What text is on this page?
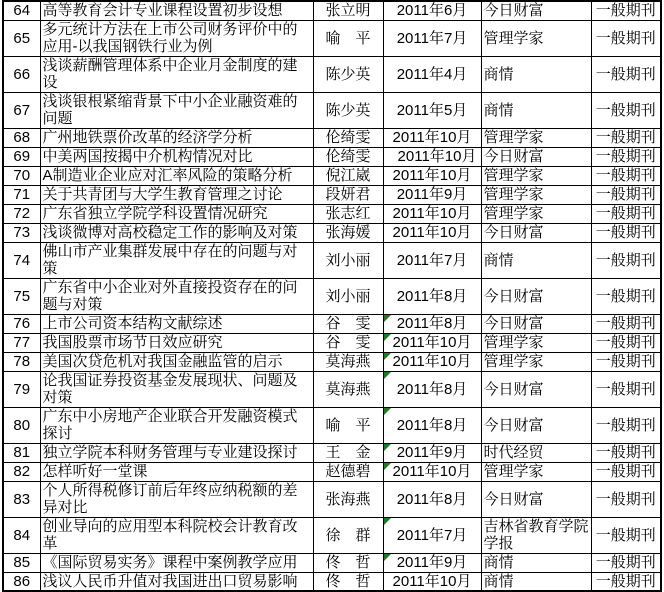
64	高等教育会计专业课程设置初步设想	张立明	2011年6月	今日财富	一般期刊
65	多元统计方法在上市公司财务评价中的应用-以我国钢铁行业为例	喻　平	2011年7月	管理学家	一般期刊
66	浅谈薪酬管理体系中企业月金制度的建设	陈少英	2011年4月	商情	一般期刊
67	浅谈银根紧缩背景下中小企业融资难的问题	陈少英	2011年5月	商情	一般期刊
68	广州地铁票价改革的经济学分析	伦绮雯	2011年10月	管理学家	一般期刊
69	中美两国按揭中介机构情况对比	伦绮雯	2011年10月	今日财富	一般期刊
70	A制造业企业应对汇率风险的策略分析	倪江崴	2011年10月	管理学家	一般期刊
71	关于共青团与大学生教育管理之讨论	段妍君	2011年9月	管理学家	一般期刊
72	广东省独立学院学科设置情况研究	张志红	2011年10月	管理学家	一般期刊
73	浅谈微博对高校稳定工作的影响及对策	张海媛	2011年10月	今日财富	一般期刊
74	佛山市产业集群发展中存在的问题与对策	刘小丽	2011年7月	商情	一般期刊
75	广东省中小企业对外直接投资存在的问题与对策	刘小丽	2011年8月	今日财富	一般期刊
76	上市公司资本结构文献综述	谷　雯	2011年8月	今日财富	一般期刊
77	我国股票市场节日效应研究	谷　雯	2011年10月	管理学家	一般期刊
78	美国次贷危机对我国金融监管的启示	莫海燕	2011年10月	管理学家	一般期刊
79	论我国证券投资基金发展现状、问题及对策	莫海燕	2011年8月	今日财富	一般期刊
80	广东中小房地产企业联合开发融资模式探讨	喻　平	2011年8月	今日财富	一般期刊
81	独立学院本科财务管理与专业建设探讨	王　金	2011年9月	时代经贸	一般期刊
82	怎样听好一堂课	赵德碧	2011年10月	管理学家	一般期刊
83	个人所得税修订前后年终应纳税额的差异对比	张海燕	2011年8月	今日财富	一般期刊
84	创业导向的应用型本科院校会计教育改革	徐　群	2011年7月	吉林省教育学院学报	一般期刊
85	《国际贸易实务》课程中案例教学应用	佟　哲	2011年9月	商情	一般期刊
86	浅议人民币升值对我国进出口贸易影响	佟　哲	2011年10月	商情	一般期刊
